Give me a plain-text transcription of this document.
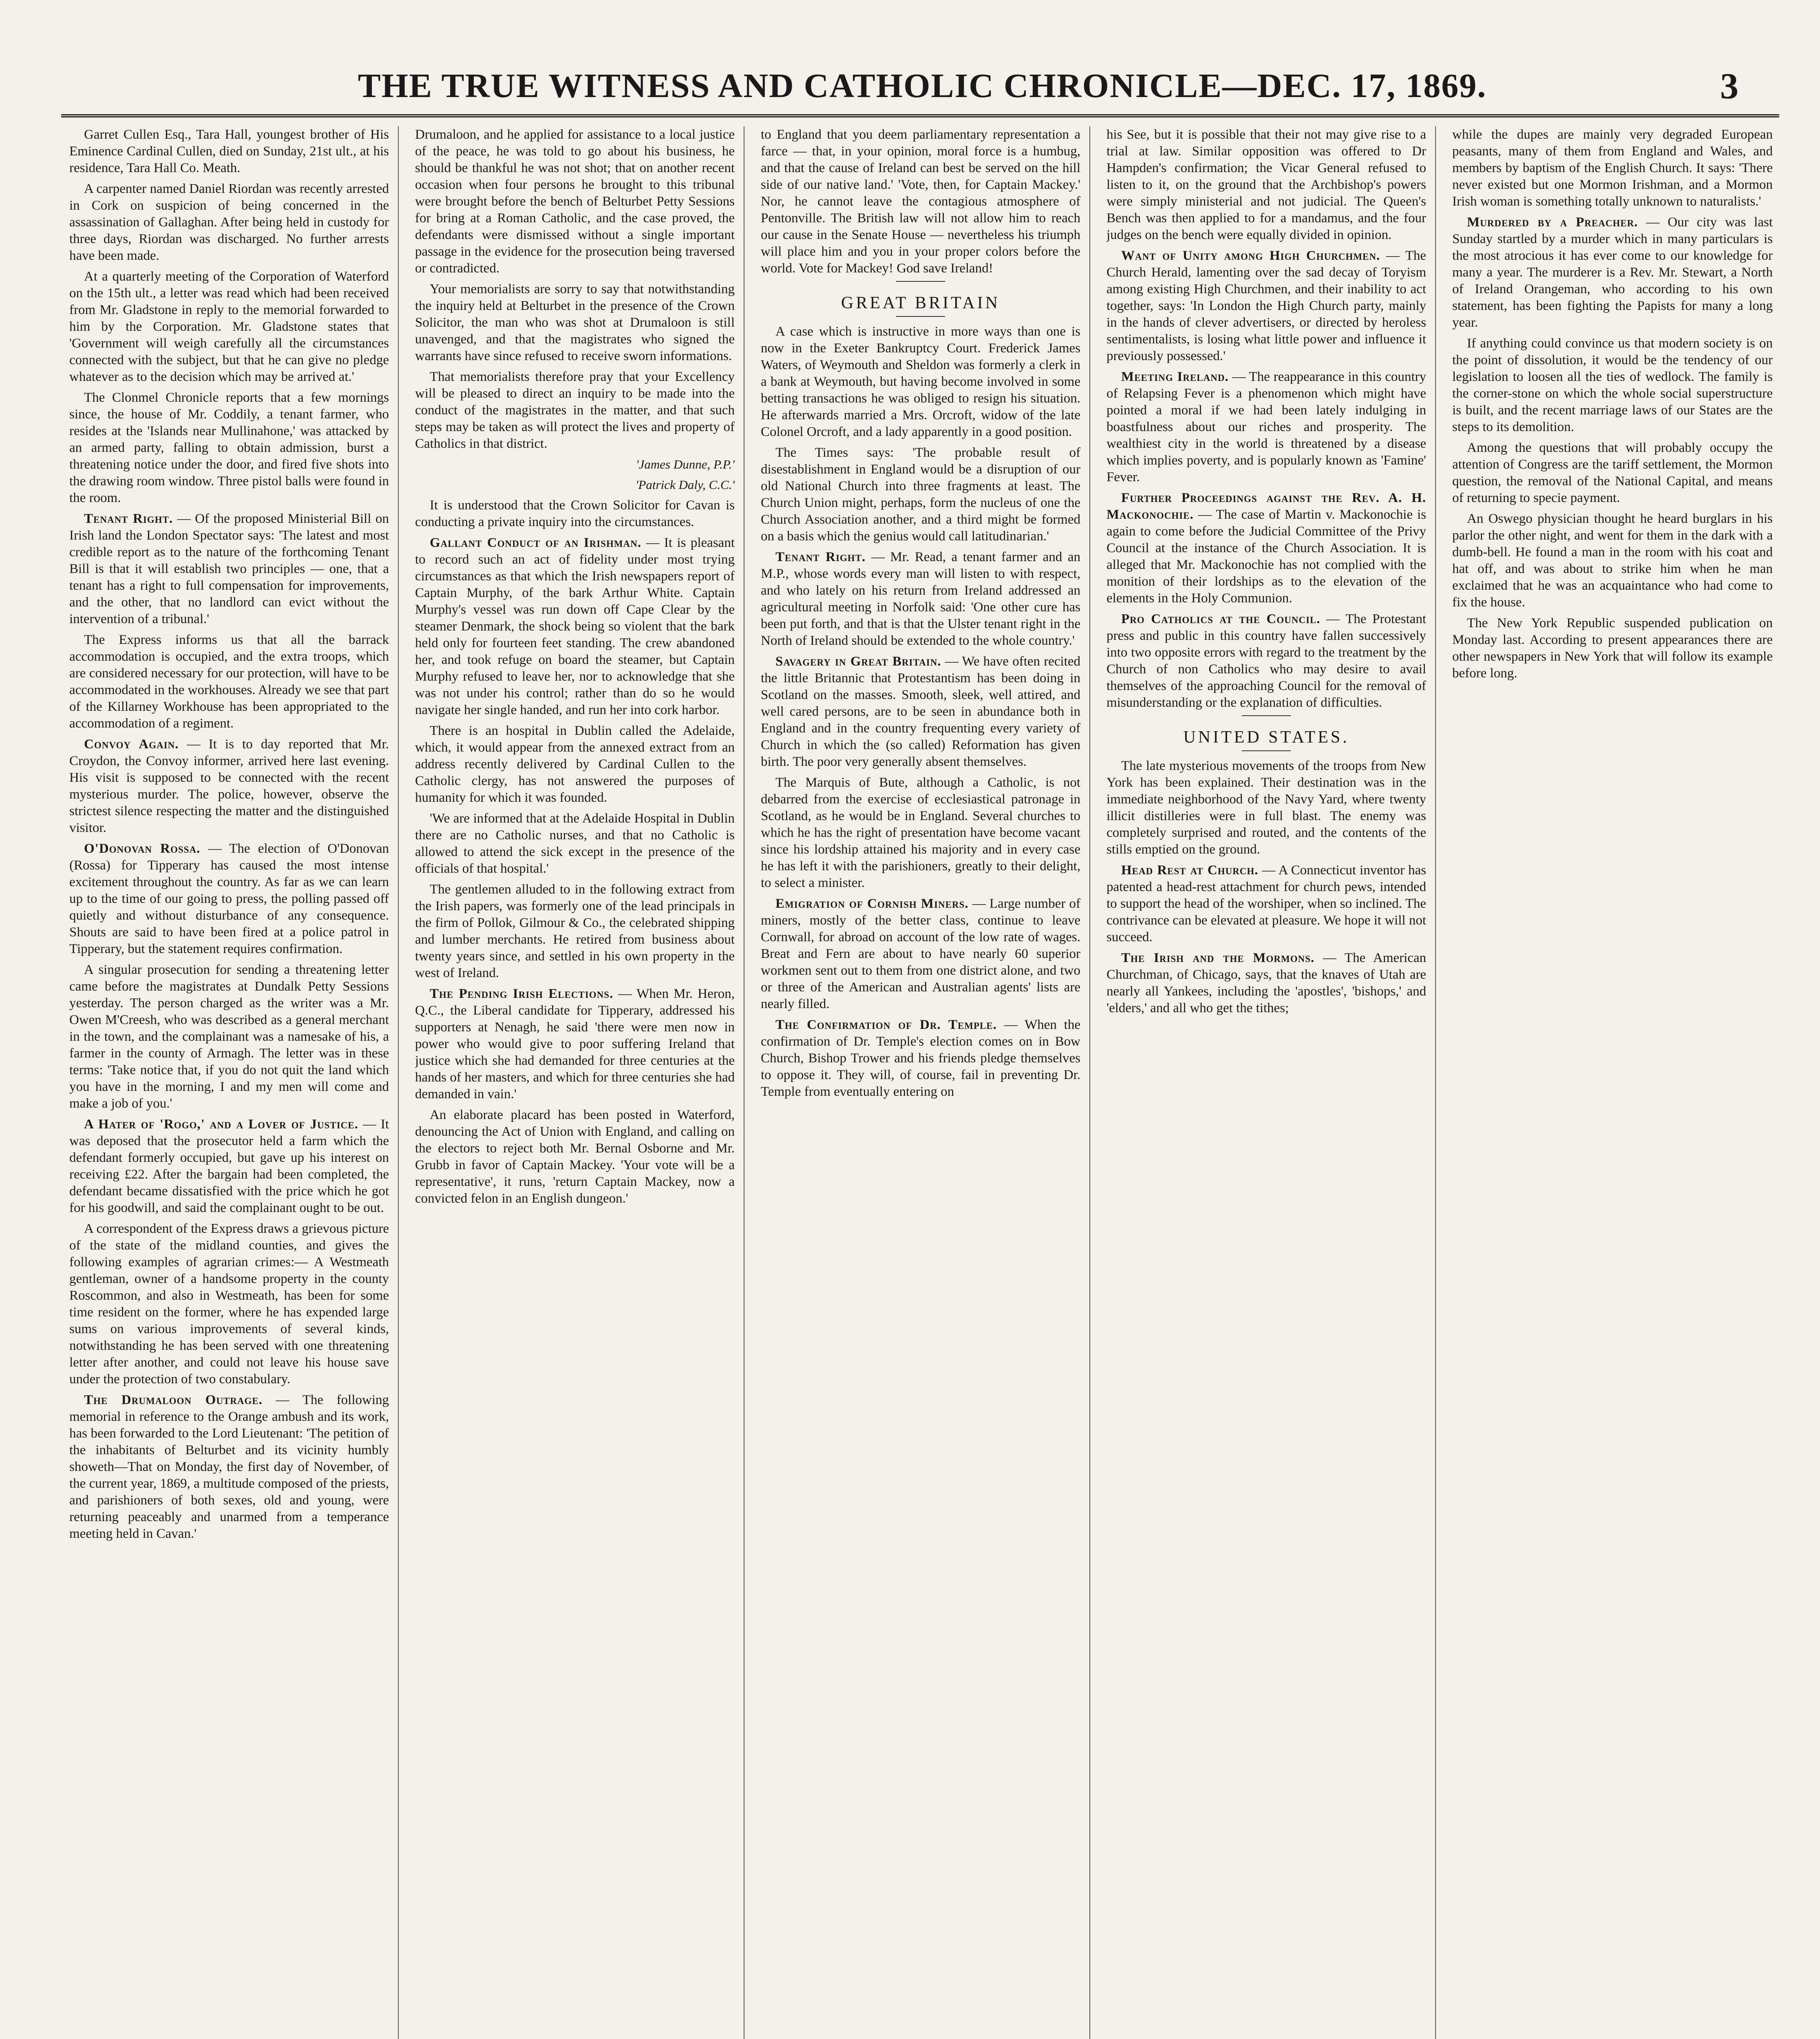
THE TRUE WITNESS AND CATHOLIC CHRONICLE—DEC. 17, 1869.	3

Garret Cullen Esq., Tara Hall, youngest brother of His Eminence Cardinal Cullen, died on Sunday, 21st ult., at his residence, Tara Hall Co. Meath.

A carpenter named Daniel Riordan was recently arrested in Cork on suspicion of being concerned in the assassination of Gallaghan. After being held in custody for three days, Riordan was discharged. No further arrests have been made.

At a quarterly meeting of the Corporation of Waterford on the 15th ult., a letter was read which had been received from Mr. Gladstone in reply to the memorial forwarded to him by the Corporation. Mr. Gladstone states that 'Government will weigh carefully all the circumstances connected with the subject, but that he can give no pledge whatever as to the decision which may be arrived at.'

The Clonmel Chronicle reports that a few mornings since, the house of Mr. Coddily, a tenant farmer, who resides at the 'Islands near Mullinahone,' was attacked by an armed party, falling to obtain admission, burst a threatening notice under the door, and fired five shots into the drawing room window. Three pistol balls were found in the room.

Tenant Right. — Of the proposed Ministerial Bill on Irish land the London Spectator says: 'The latest and most credible report as to the nature of the forthcoming Tenant Bill is that it will establish two principles — one, that a tenant has a right to full compensation for improvements, and the other, that no landlord can evict without the intervention of a tribunal.'

The Express informs us that all the barrack accommodation is occupied, and the extra troops, which are considered necessary for our protection, will have to be accommodated in the workhouses. Already we see that part of the Killarney Workhouse has been appropriated to the accommodation of a regiment.

Convoy Again. — It is to day reported that Mr. Croydon, the Convoy informer, arrived here last evening. His visit is supposed to be connected with the recent mysterious murder. The police, however, observe the strictest silence respecting the matter and the distinguished visitor.

O'Donovan Rossa. — The election of O'Donovan (Rossa) for Tipperary has caused the most intense excitement throughout the country. As far as we can learn up to the time of our going to press, the polling passed off quietly and without disturbance of any consequence. Shouts are said to have been fired at a police patrol in Tipperary, but the statement requires confirmation.

A singular prosecution for sending a threatening letter came before the magistrates at Dundalk Petty Sessions yesterday. The person charged as the writer was a Mr. Owen M'Creesh, who was described as a general merchant in the town, and the complainant was a namesake of his, a farmer in the county of Armagh. The letter was in these terms: 'Take notice that, if you do not quit the land which you have in the morning, I and my men will come and make a job of you.'

A Hater of 'Rogo,' and a Lover of Justice. — It was deposed that the prosecutor held a farm which the defendant formerly occupied, but gave up his interest on receiving £22. After the bargain had been completed, the defendant became dissatisfied with the price which he got for his goodwill, and said the complainant ought to be out.

A correspondent of the Express draws a grievous picture of the state of the midland counties, and gives the following examples of agrarian crimes:— A Westmeath gentleman, owner of a handsome property in the county Roscommon, and also in Westmeath, has been for some time resident on the former, where he has expended large sums on various improvements of several kinds, notwithstanding he has been served with one threatening letter after another, and could not leave his house save under the protection of two constabulary.

The Drumaloon Outrage. — The following memorial in reference to the Orange ambush and its work, has been forwarded to the Lord Lieutenant: 'The petition of the inhabitants of Belturbet and its vicinity humbly showeth—That on Monday, the first day of November, of the current year, 1869, a multitude composed of the priests, and parishioners of both sexes, old and young, were returning peaceably and unarmed from a temperance meeting held in Cavan.'

Drumaloon, and he applied for assistance to a local justice of the peace, he was told to go about his business, he should be thankful he was not shot; that on another recent occasion when four persons he brought to this tribunal were brought before the bench of Belturbet Petty Sessions for bring at a Roman Catholic, and the case proved, the defendants were dismissed without a single important passage in the evidence for the prosecution being traversed or contradicted.

Your memorialists are sorry to say that notwithstanding the inquiry held at Belturbet in the presence of the Crown Solicitor, the man who was shot at Drumaloon is still unavenged, and that the magistrates who signed the warrants have since refused to receive sworn informations.

That memorialists therefore pray that your Excellency will be pleased to direct an inquiry to be made into the conduct of the magistrates in the matter, and that such steps may be taken as will protect the lives and property of Catholics in that district.

'James Dunne, P.P.'
'Patrick Daly, C.C.'

It is understood that the Crown Solicitor for Cavan is conducting a private inquiry into the circumstances.

Gallant Conduct of an Irishman. — It is pleasant to record such an act of fidelity under most trying circumstances as that which the Irish newspapers report of Captain Murphy, of the bark Arthur White. Captain Murphy's vessel was run down off Cape Clear by the steamer Denmark, the shock being so violent that the bark held only for fourteen feet standing. The crew abandoned her, and took refuge on board the steamer, but Captain Murphy refused to leave her, nor to acknowledge that she was not under his control; rather than do so he would navigate her single handed, and run her into cork harbor.

There is an hospital in Dublin called the Adelaide, which, it would appear from the annexed extract from an address recently delivered by Cardinal Cullen to the Catholic clergy, has not answered the purposes of humanity for which it was founded.

'We are informed that at the Adelaide Hospital in Dublin there are no Catholic nurses, and that no Catholic is allowed to attend the sick except in the presence of the officials of that hospital.'

The gentlemen alluded to in the following extract from the Irish papers, was formerly one of the lead principals in the firm of Pollok, Gilmour & Co., the celebrated shipping and lumber merchants. He retired from business about twenty years since, and settled in his own property in the west of Ireland.

The Pending Irish Elections. — When Mr. Heron, Q.C., the Liberal candidate for Tipperary, addressed his supporters at Nenagh, he said 'there were men now in power who would give to poor suffering Ireland that justice which she had demanded for three centuries at the hands of her masters, and which for three centuries she had demanded in vain.'

An elaborate placard has been posted in Waterford, denouncing the Act of Union with England, and calling on the electors to reject both Mr. Bernal Osborne and Mr. Grubb in favor of Captain Mackey. 'Your vote will be a representative', it runs, 'return Captain Mackey, now a convicted felon in an English dungeon.'

to England that you deem parliamentary representation a farce — that, in your opinion, moral force is a humbug, and that the cause of Ireland can best be served on the hill side of our native land.' 'Vote, then, for Captain Mackey.' Nor, he cannot leave the contagious atmosphere of Pentonville. The British law will not allow him to reach our cause in the Senate House — nevertheless his triumph will place him and you in your proper colors before the world. Vote for Mackey! God save Ireland!

GREAT BRITAIN

A case which is instructive in more ways than one is now in the Exeter Bankruptcy Court. Frederick James Waters, of Weymouth and Sheldon was formerly a clerk in a bank at Weymouth, but having become involved in some betting transactions he was obliged to resign his situation. He afterwards married a Mrs. Orcroft, widow of the late Colonel Orcroft, and a lady apparently in a good position.

The Times says: 'The probable result of disestablishment in England would be a disruption of our old National Church into three fragments at least. The Church Union might, perhaps, form the nucleus of one the Church Association another, and a third might be formed on a basis which the genius would call latitudinarian.'

Tenant Right. — Mr. Read, a tenant farmer and an M.P., whose words every man will listen to with respect, and who lately on his return from Ireland addressed an agricultural meeting in Norfolk said: 'One other cure has been put forth, and that is that the Ulster tenant right in the North of Ireland should be extended to the whole country.'

Savagery in Great Britain. — We have often recited the little Britannic that Protestantism has been doing in Scotland on the masses. Smooth, sleek, well attired, and well cared persons, are to be seen in abundance both in England and in the country frequenting every variety of Church in which the (so called) Reformation has given birth. The poor very generally absent themselves.

The Marquis of Bute, although a Catholic, is not debarred from the exercise of ecclesiastical patronage in Scotland, as he would be in England. Several churches to which he has the right of presentation have become vacant since his lordship attained his majority and in every case he has left it with the parishioners, greatly to their delight, to select a minister.

Emigration of Cornish Miners. — Large number of miners, mostly of the better class, continue to leave Cornwall, for abroad on account of the low rate of wages. Breat and Fern are about to have nearly 60 superior workmen sent out to them from one district alone, and two or three of the American and Australian agents' lists are nearly filled.

The Confirmation of Dr. Temple. — When the confirmation of Dr. Temple's election comes on in Bow Church, Bishop Trower and his friends pledge themselves to oppose it. They will, of course, fail in preventing Dr. Temple from eventually entering on

his See, but it is possible that their not may give rise to a trial at law. Similar opposition was offered to Dr Hampden's confirmation; the Vicar General refused to listen to it, on the ground that the Archbishop's powers were simply ministerial and not judicial. The Queen's Bench was then applied to for a mandamus, and the four judges on the bench were equally divided in opinion.

Want of Unity among High Churchmen. — The Church Herald, lamenting over the sad decay of Toryism among existing High Churchmen, and their inability to act together, says: 'In London the High Church party, mainly in the hands of clever advertisers, or directed by heroless sentimentalists, is losing what little power and influence it previously possessed.'

Meeting Ireland. — The reappearance in this country of Relapsing Fever is a phenomenon which might have pointed a moral if we had been lately indulging in boastfulness about our riches and prosperity. The wealthiest city in the world is threatened by a disease which implies poverty, and is popularly known as 'Famine' Fever.

Further Proceedings against the Rev. A. H. Mackonochie. — The case of Martin v. Mackonochie is again to come before the Judicial Committee of the Privy Council at the instance of the Church Association. It is alleged that Mr. Mackonochie has not complied with the monition of their lordships as to the elevation of the elements in the Holy Communion.

Pro Catholics at the Council. — The Protestant press and public in this country have fallen successively into two opposite errors with regard to the treatment by the Church of non Catholics who may desire to avail themselves of the approaching Council for the removal of misunderstanding or the explanation of difficulties.

UNITED STATES.

The late mysterious movements of the troops from New York has been explained. Their destination was in the immediate neighborhood of the Navy Yard, where twenty illicit distilleries were in full blast. The enemy was completely surprised and routed, and the contents of the stills emptied on the ground.

Head Rest at Church. — A Connecticut inventor has patented a head-rest attachment for church pews, intended to support the head of the worshiper, when so inclined. The contrivance can be elevated at pleasure. We hope it will not succeed.

The Irish and the Mormons. — The American Churchman, of Chicago, says, that the knaves of Utah are nearly all Yankees, including the 'apostles', 'bishops,' and 'elders,' and all who get the tithes;

while the dupes are mainly very degraded European peasants, many of them from England and Wales, and members by baptism of the English Church. It says: 'There never existed but one Mormon Irishman, and a Mormon Irish woman is something totally unknown to naturalists.'

Murdered by a Preacher. — Our city was last Sunday startled by a murder which in many particulars is the most atrocious it has ever come to our knowledge for many a year. The murderer is a Rev. Mr. Stewart, a North of Ireland Orangeman, who according to his own statement, has been fighting the Papists for many a long year.

If anything could convince us that modern society is on the point of dissolution, it would be the tendency of our legislation to loosen all the ties of wedlock. The family is the corner-stone on which the whole social superstructure is built, and the recent marriage laws of our States are the steps to its demolition.

Among the questions that will probably occupy the attention of Congress are the tariff settlement, the Mormon question, the removal of the National Capital, and means of returning to specie payment.

An Oswego physician thought he heard burglars in his parlor the other night, and went for them in the dark with a dumb-bell. He found a man in the room with his coat and hat off, and was about to strike him when he man exclaimed that he was an acquaintance who had come to fix the house.

The New York Republic suspended publication on Monday last. According to present appearances there are other newspapers in New York that will follow its example before long.
